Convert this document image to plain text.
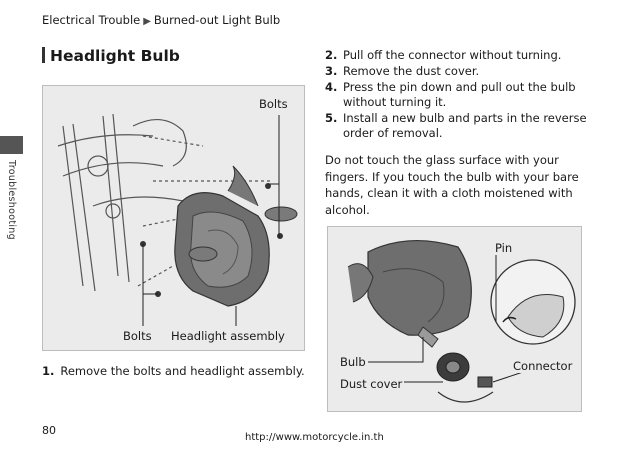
Electrical Trouble ▶ Burned-out Light Bulb
Troubleshooting
Headlight Bulb
Bolts
Bolts Headlight assembly
1. Remove the bolts and headlight assembly.
2. Pull off the connector without turning.
3. Remove the dust cover.
4. Press the pin down and pull out the bulb without turning it.
5. Install a new bulb and parts in the reverse order of removal.
Do not touch the glass surface with your fingers. If you touch the bulb with your bare hands, clean it with a cloth moistened with alcohol.
Pin
Bulb	Connector
Dust cover
80
http://www.motorcycle.in.th
